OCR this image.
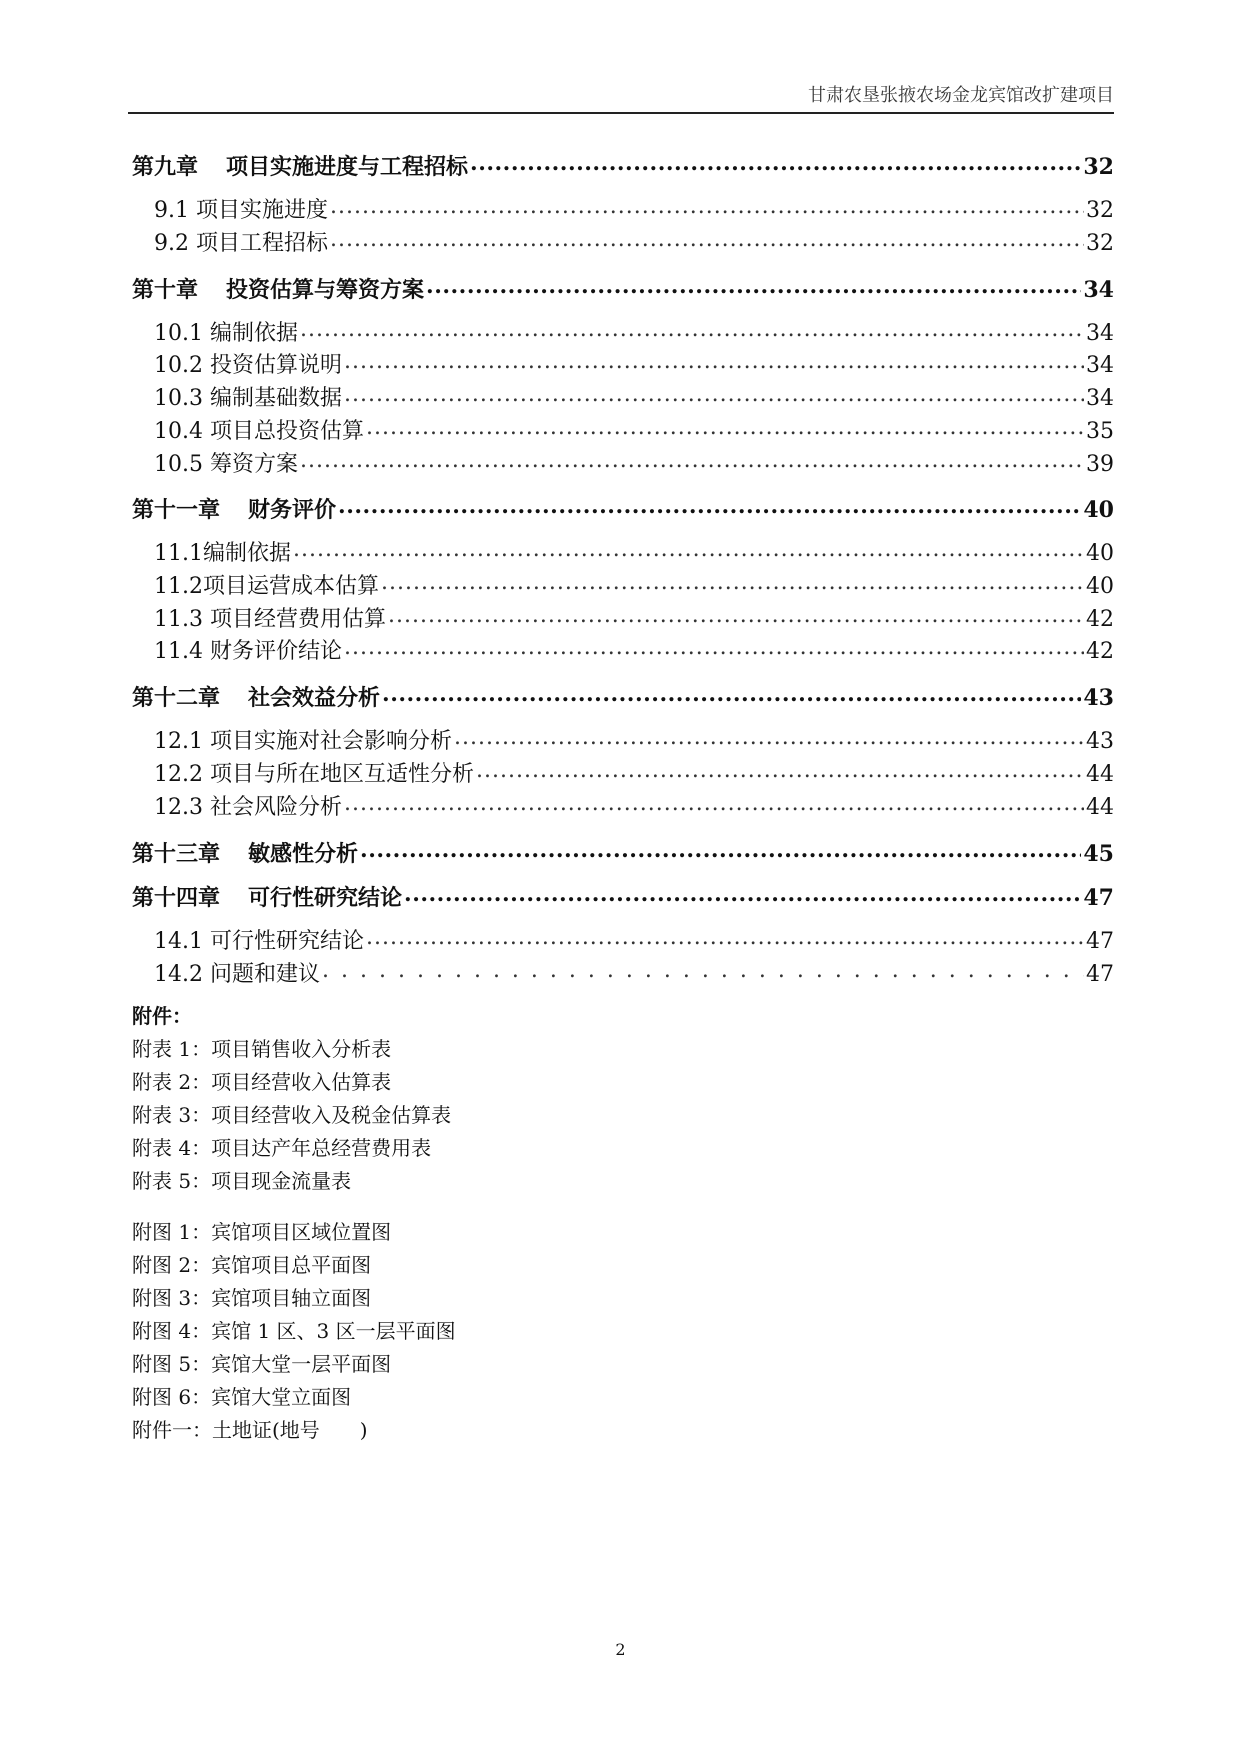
甘肃农垦张掖农场金龙宾馆改扩建项目
第九章 项目实施进度与工程招标 .....	32
9.1 项目实施进度 .....	32
9.2 项目工程招标 .....	32
第十章 投资估算与筹资方案 .....	34
10.1 编制依据 .....	34
10.2 投资估算说明 .....	34
10.3 编制基础数据 .....	34
10.4 项目总投资估算 .....	35
10.5 筹资方案 .....	39
第十一章 财务评价 .....	40
11.1编制依据 .....	40
11.2项目运营成本估算 .....	40
11.3 项目经营费用估算 .....	42
11.4 财务评价结论 .....	42
第十二章 社会效益分析 .....	43
12.1 项目实施对社会影响分析 .....	43
12.2 项目与所在地区互适性分析 .....	44
12.3 社会风险分析 .....	44
第十三章 敏感性分析 .....	45
第十四章 可行性研究结论 .....	47
14.1 可行性研究结论 .....	47
14.2 问题和建议 .....	47
附件：
附表 1：项目销售收入分析表
附表 2：项目经营收入估算表
附表 3：项目经营收入及税金估算表
附表 4：项目达产年总经营费用表
附表 5：项目现金流量表
附图 1：宾馆项目区域位置图
附图 2：宾馆项目总平面图
附图 3：宾馆项目轴立面图
附图 4：宾馆 1 区、3 区一层平面图
附图 5：宾馆大堂一层平面图
附图 6：宾馆大堂立面图
附件一：土地证(地号　　)
2
